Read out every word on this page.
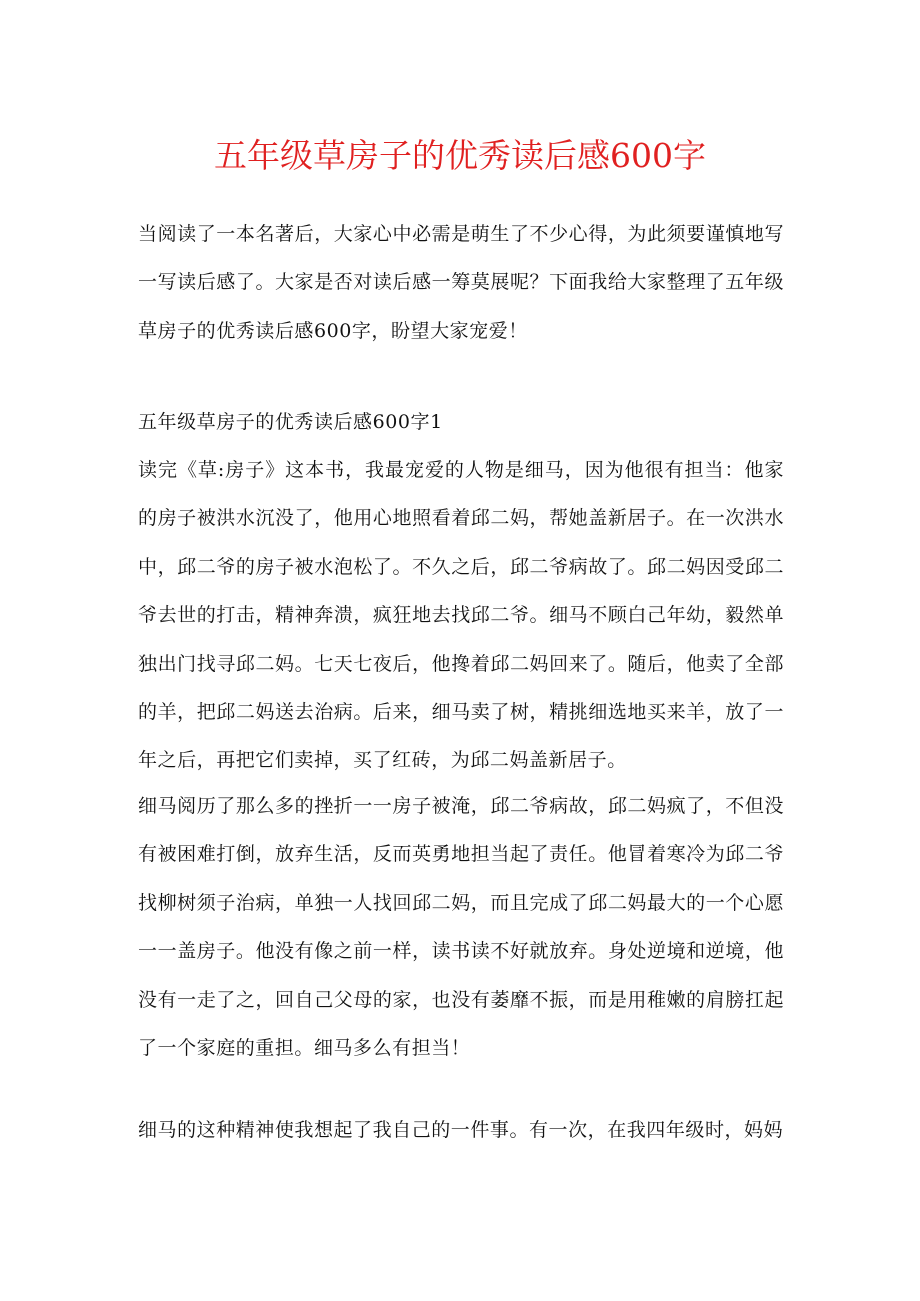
五年级草房子的优秀读后感600字

当阅读了一本名著后，大家心中必需是萌生了不少心得，为此须要谨慎地写一写读后感了。大家是否对读后感一筹莫展呢？下面我给大家整理了五年级草房子的优秀读后感600字，盼望大家宠爱！

五年级草房子的优秀读后感600字1

读完《草:房子》这本书，我最宠爱的人物是细马，因为他很有担当：他家的房子被洪水沉没了，他用心地照看着邱二妈，帮她盖新居子。在一次洪水中，邱二爷的房子被水泡松了。不久之后，邱二爷病故了。邱二妈因受邱二爷去世的打击，精神奔溃，疯狂地去找邱二爷。细马不顾白己年幼，毅然单独出门找寻邱二妈。七天七夜后，他搀着邱二妈回来了。随后，他卖了全部的羊，把邱二妈送去治病。后来，细马卖了树，精挑细选地买来羊，放了一年之后，再把它们卖掉，买了红砖，为邱二妈盖新居子。

细马阅历了那么多的挫折一一房子被淹，邱二爷病故，邱二妈疯了，不但没有被困难打倒，放弃生活，反而英勇地担当起了责任。他冒着寒冷为邱二爷找柳树须子治病，单独一人找回邱二妈，而且完成了邱二妈最大的一个心愿一一盖房子。他没有像之前一样，读书读不好就放弃。身处逆境和逆境，他没有一走了之，回自己父母的家，也没有萎靡不振，而是用稚嫩的肩膀扛起了一个家庭的重担。细马多么有担当！

细马的这种精神使我想起了我自己的一件事。有一次，在我四年级时，妈妈
